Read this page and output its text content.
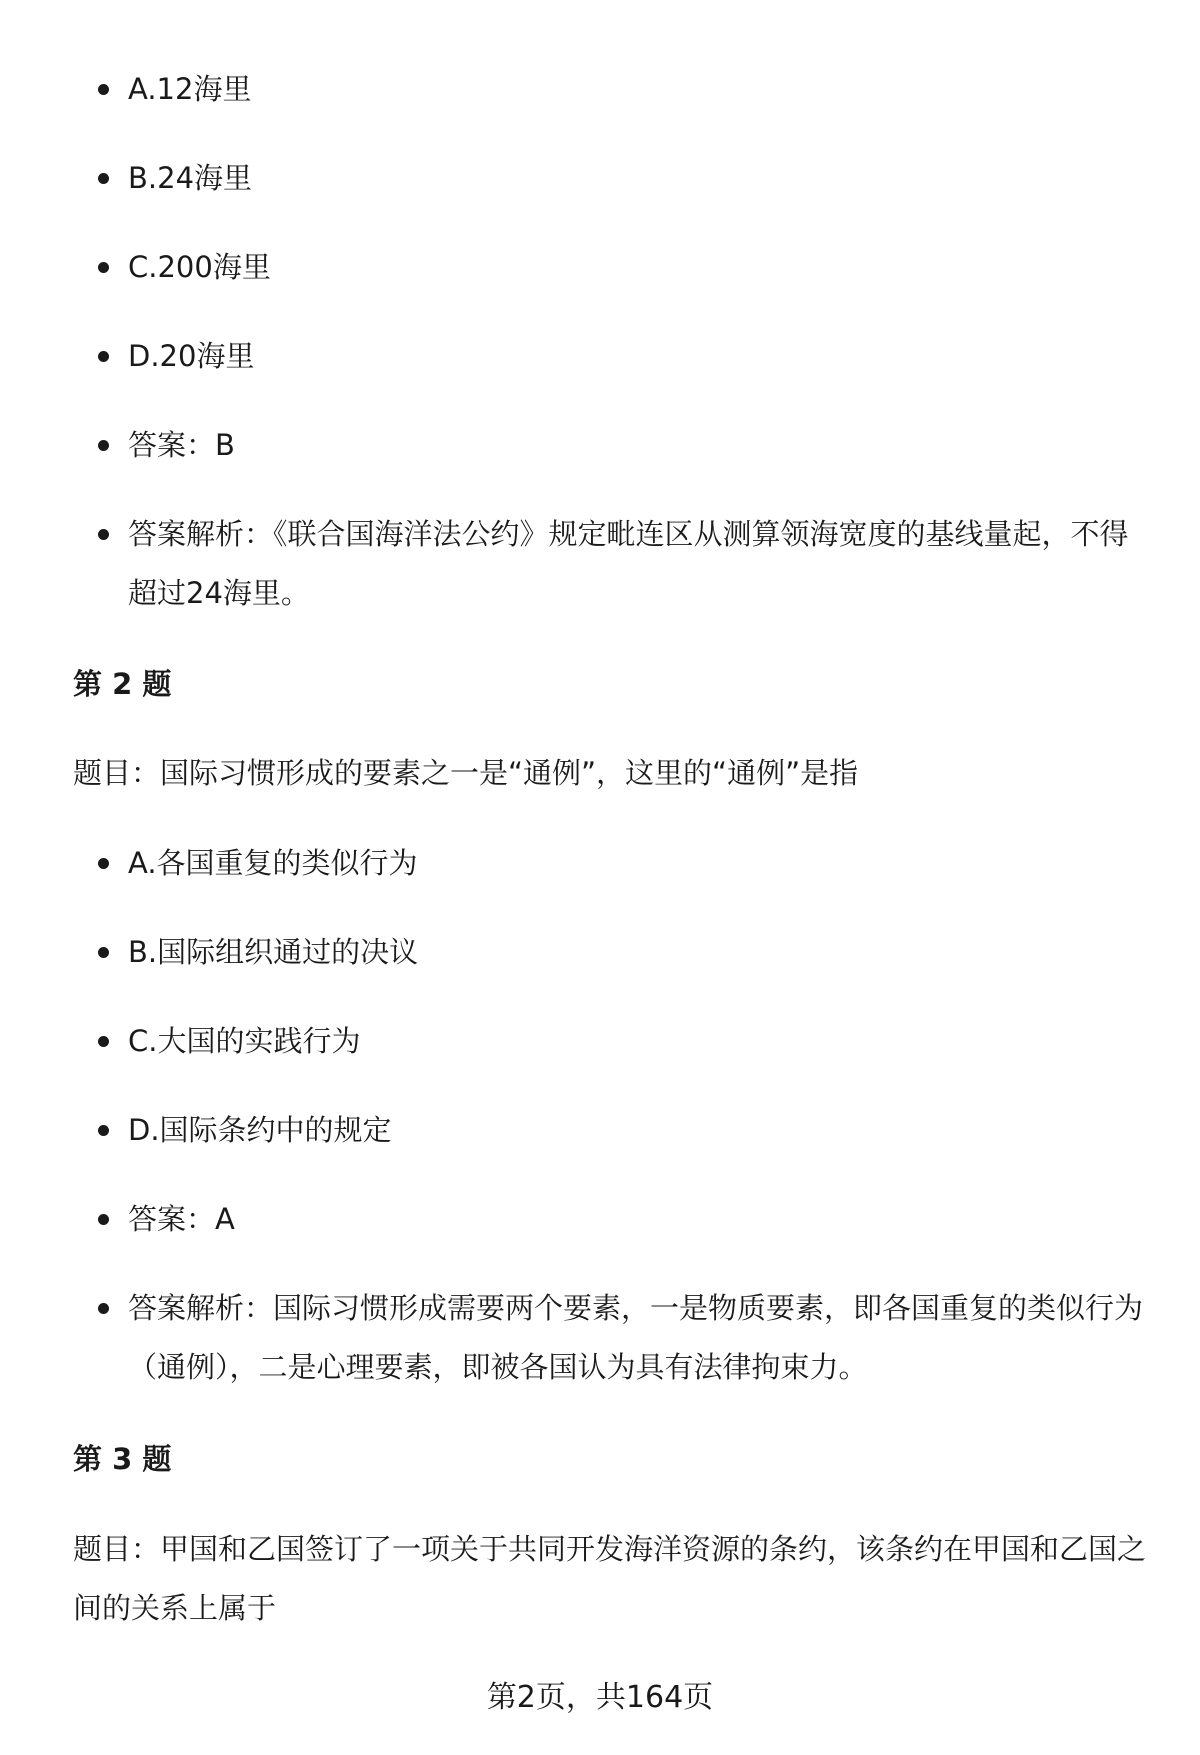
A.12海里
B.24海里
C.200海里
D.20海里
答案：B
答案解析：《联合国海洋法公约》规定毗连区从测算领海宽度的基线量起，不得超过24海里。
第 2 题
题目：国际习惯形成的要素之一是“通例”，这里的“通例”是指
A.各国重复的类似行为
B.国际组织通过的决议
C.大国的实践行为
D.国际条约中的规定
答案：A
答案解析：国际习惯形成需要两个要素，一是物质要素，即各国重复的类似行为（通例），二是心理要素，即被各国认为具有法律拘束力。
第 3 题
题目：甲国和乙国签订了一项关于共同开发海洋资源的条约，该条约在甲国和乙国之间的关系上属于
第2页，共164页
